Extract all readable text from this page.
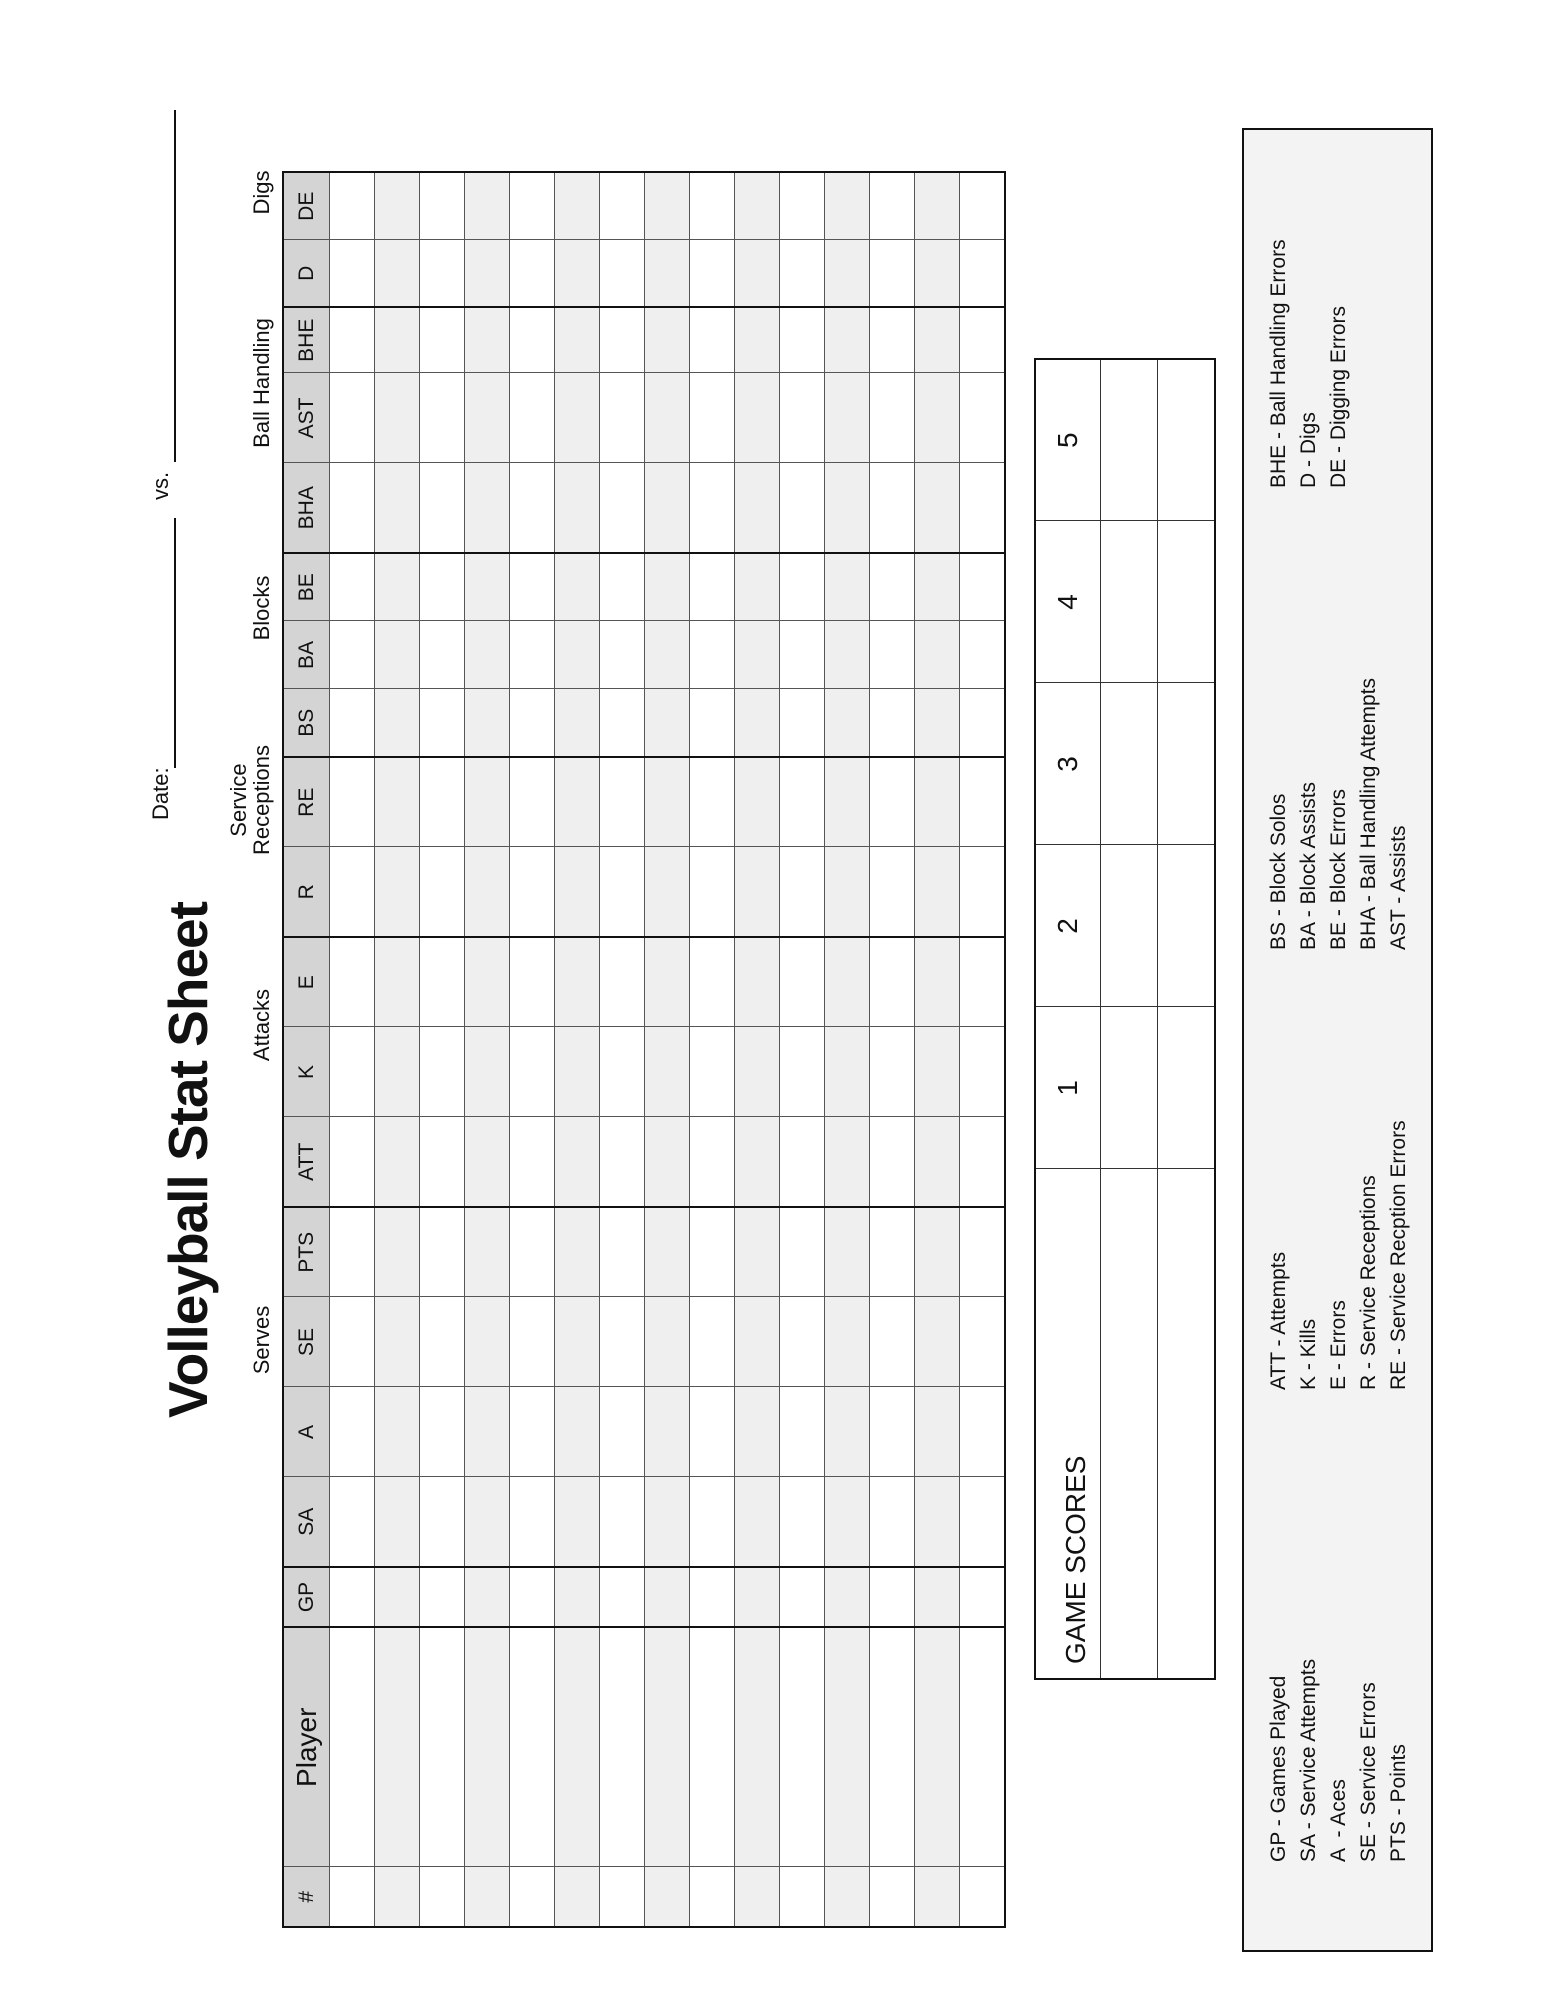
Volleyball Stat Sheet
Date:
vs.
Serves
Attacks
Service
Receptions
Blocks
Ball Handling
Digs
#	Player	GP	SA	A	SE	PTS	ATT	K	E	R	RE	BS	BA	BE	BHA	AST	BHE	D	DE

GAME SCORES	1	2	3	4	5

GP - Games Played SA - Service Attempts A  - Aces SE - Service Errors PTS - Points
ATT - Attempts K - Kills E - Errors R - Service Receptions RE - Service Recption Errors
BS - Block Solos BA - Block Assists BE - Block Errors BHA - Ball Handling Attempts AST - Assists
BHE - Ball Handling Errors D - Digs DE - Digging Errors
